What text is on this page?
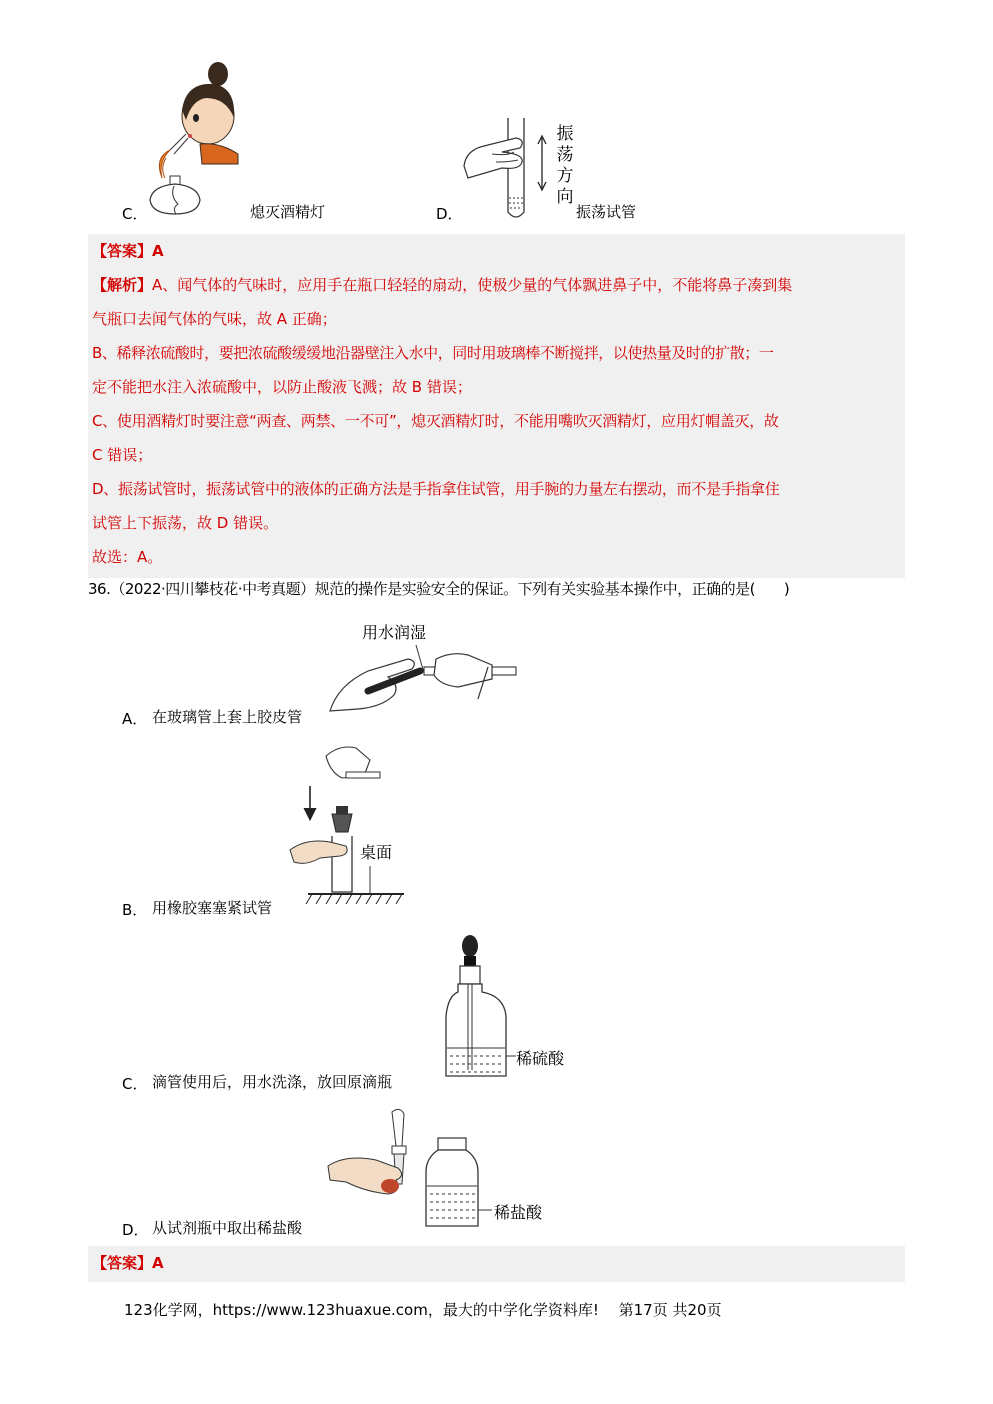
C．	熄灭酒精灯	D．
振荡方向
振荡试管
【答案】A
【解析】A、闻气体的气味时，应用手在瓶口轻轻的扇动，使极少量的气体飘进鼻子中，不能将鼻子凑到集
气瓶口去闻气体的气味，故 A 正确；
B、稀释浓硫酸时，要把浓硫酸缓缓地沿器壁注入水中，同时用玻璃棒不断搅拌，以使热量及时的扩散；一
定不能把水注入浓硫酸中，以防止酸液飞溅；故 B 错误；
C、使用酒精灯时要注意“两查、两禁、一不可”，熄灭酒精灯时，不能用嘴吹灭酒精灯，应用灯帽盖灭，故
C 错误；
D、振荡试管时，振荡试管中的液体的正确方法是手指拿住试管，用手腕的力量左右摆动，而不是手指拿住
试管上下振荡，故 D 错误。
故选：A。
36.（2022·四川攀枝花·中考真题）规范的操作是实验安全的保证。下列有关实验基本操作中，正确的是(　　)
用水润湿
A． 在玻璃管上套上胶皮管
桌面
B． 用橡胶塞塞紧试管
稀硫酸
C． 滴管使用后，用水洗涤，放回原滴瓶
稀盐酸
D． 从试剂瓶中取出稀盐酸
【答案】A
123化学网，https://www.123huaxue.com，最大的中学化学资料库!　 第17页 共20页
